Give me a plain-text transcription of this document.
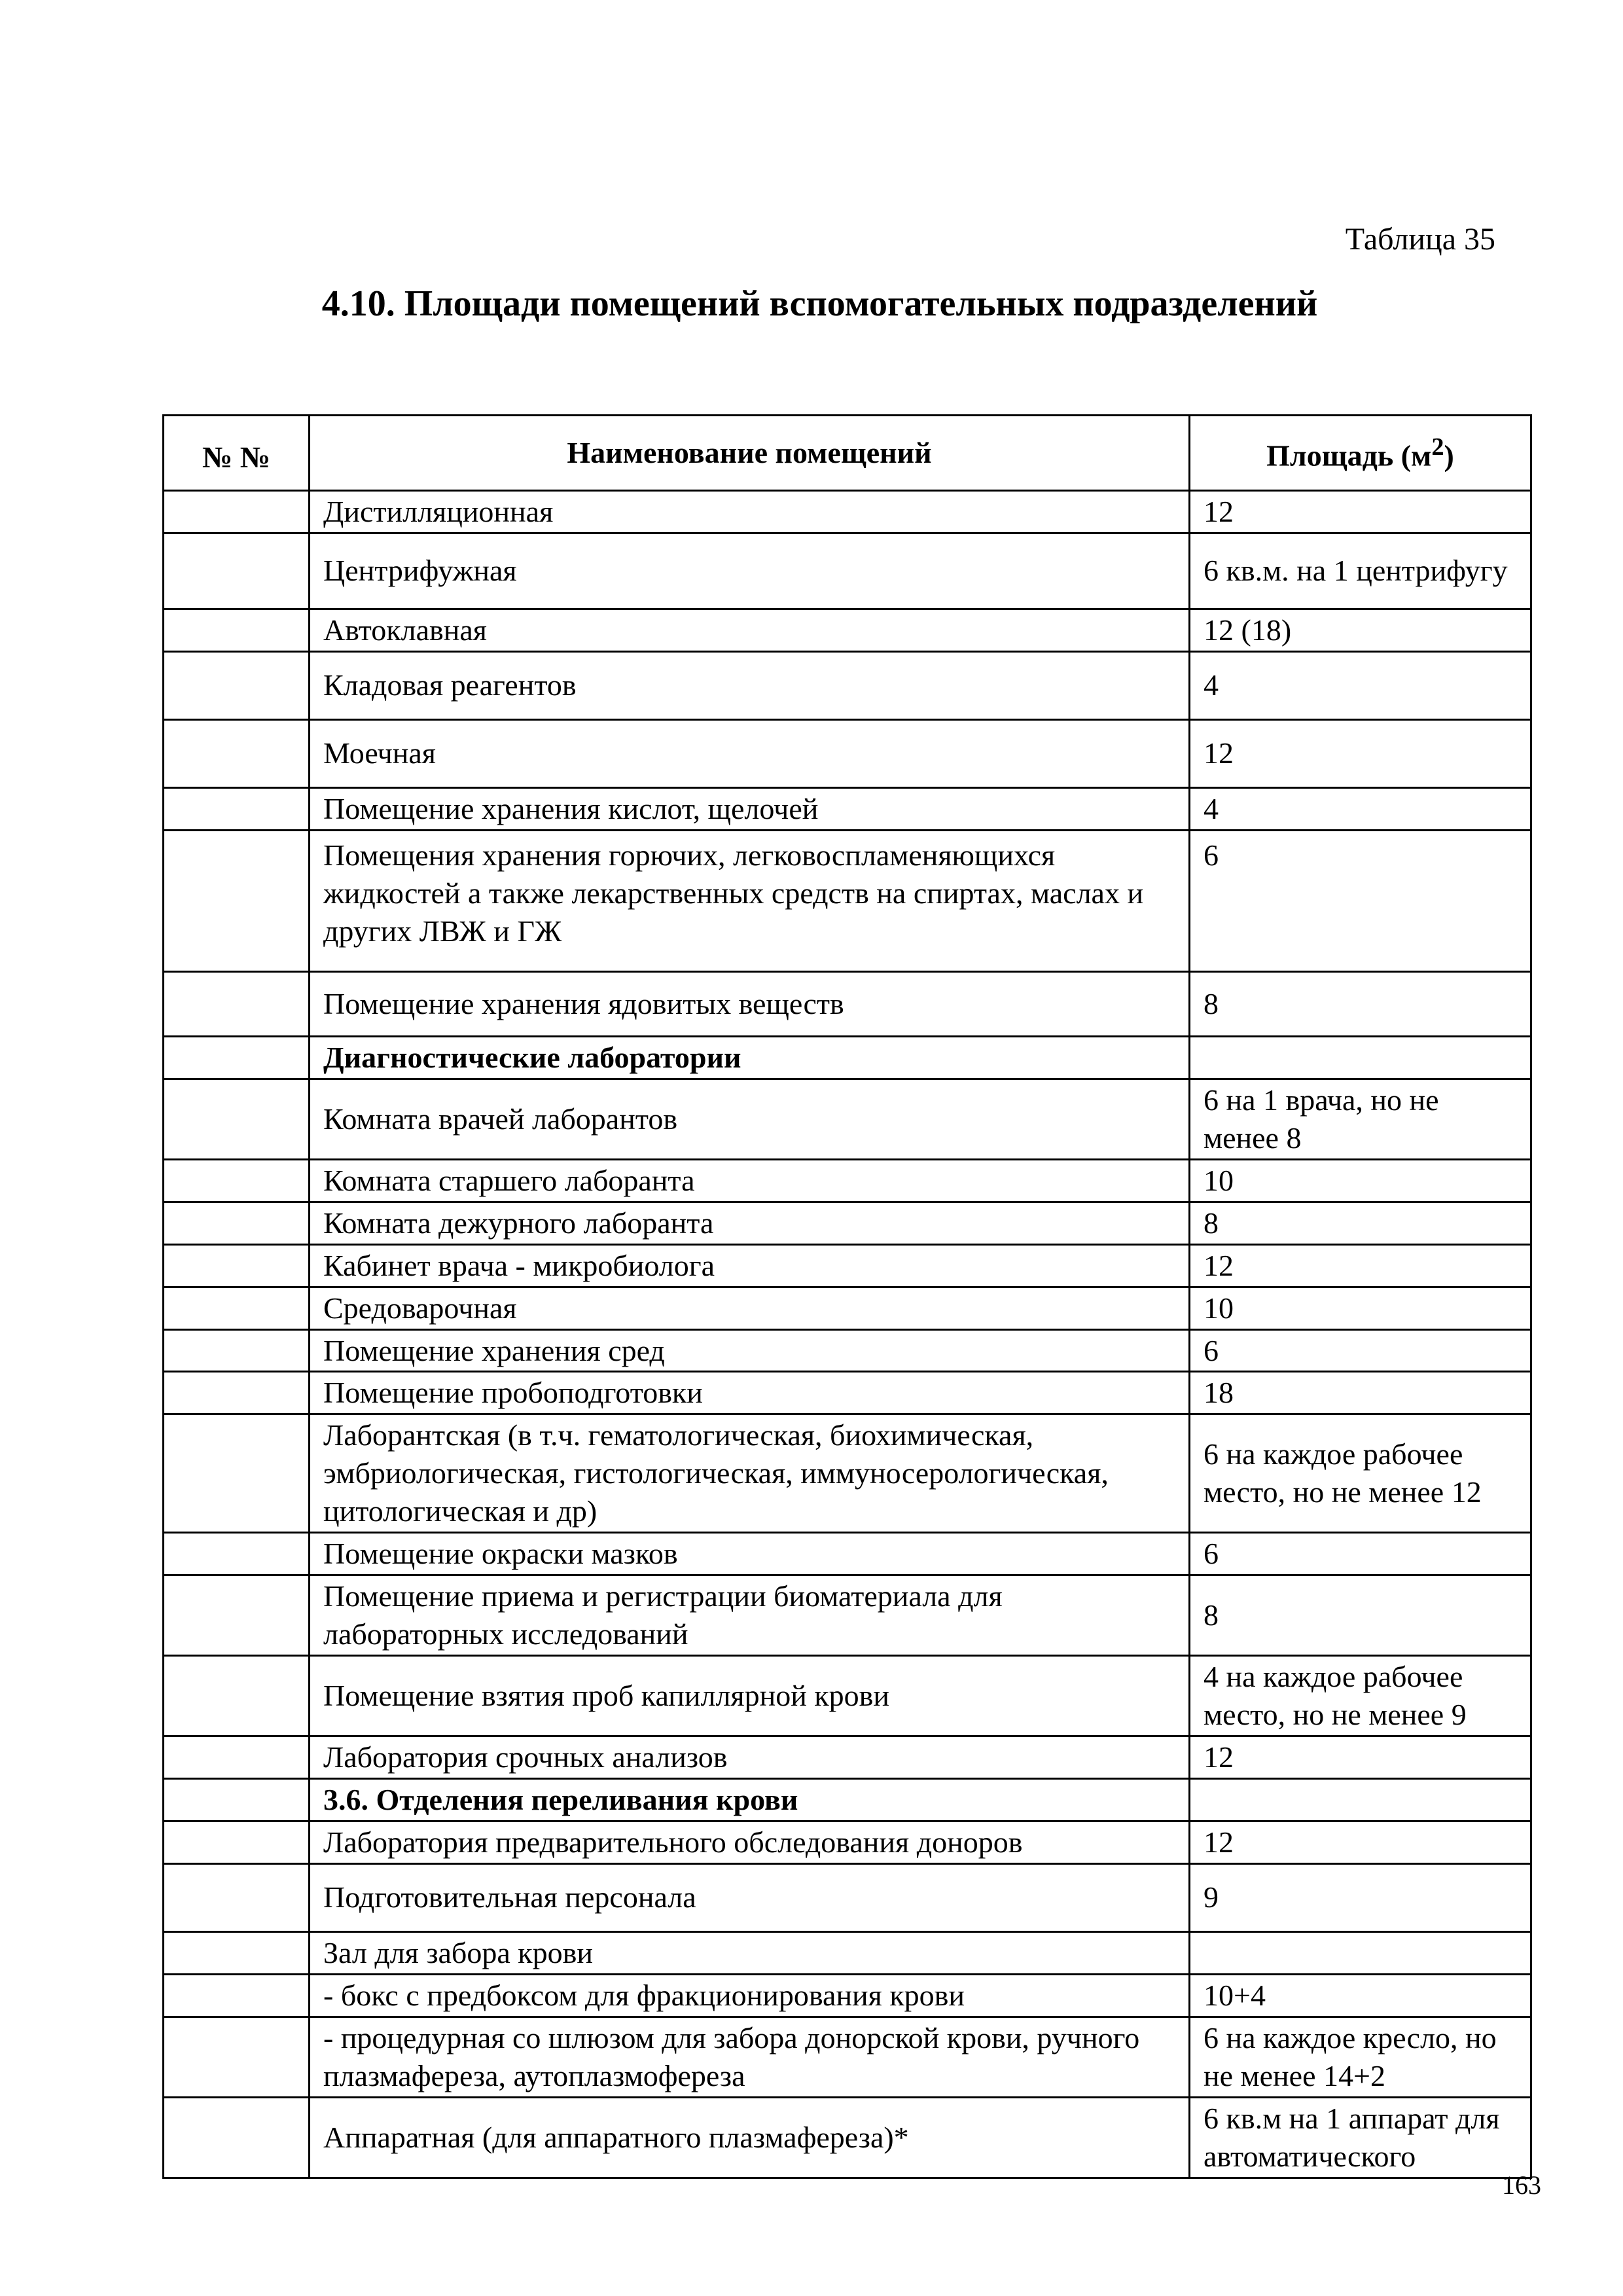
Таблица 35
4.10. Площади помещений вспомогательных подразделений
№ №	Наименование помещений	Площадь $(м^2)$
	Дистилляционная	12
	Центрифужная	6 кв.м. на 1 центрифугу
	Автоклавная	12 (18)
	Кладовая реагентов	4
	Моечная	12
	Помещение хранения кислот, щелочей	4
	Помещения хранения горючих, легковоспламеняющихся жидкостей а также лекарственных средств на спиртах, маслах и других ЛВЖ и ГЖ	6
	Помещение хранения ядовитых веществ	8
	Диагностические лаборатории	
	Комната врачей лаборантов	6 на 1 врача, но не менее 8
	Комната старшего лаборанта	10
	Комната дежурного лаборанта	8
	Кабинет врача - микробиолога	12
	Средоварочная	10
	Помещение хранения сред	6
	Помещение пробоподготовки	18
	Лаборантская (в т.ч. гематологическая, биохимическая, эмбриологическая, гистологическая, иммуносерологическая, цитологическая и др)	6 на каждое рабочее место, но не менее 12
	Помещение окраски мазков	6
	Помещение приема и регистрации биоматериала для лабораторных исследований	8
	Помещение взятия проб капиллярной крови	4 на каждое рабочее место, но не менее 9
	Лаборатория срочных анализов	12
	3.6. Отделения переливания крови	
	Лаборатория предварительного обследования доноров	12
	Подготовительная персонала	9
	Зал для забора крови	
	- бокс с предбоксом для фракционирования крови	10+4
	- процедурная со шлюзом для забора донорской крови, ручного плазмафереза, аутоплазмофереза	6 на каждое кресло, но не менее 14+2
	Аппаратная (для аппаратного плазмафереза)*	6 кв.м на 1 аппарат для автоматического
163
